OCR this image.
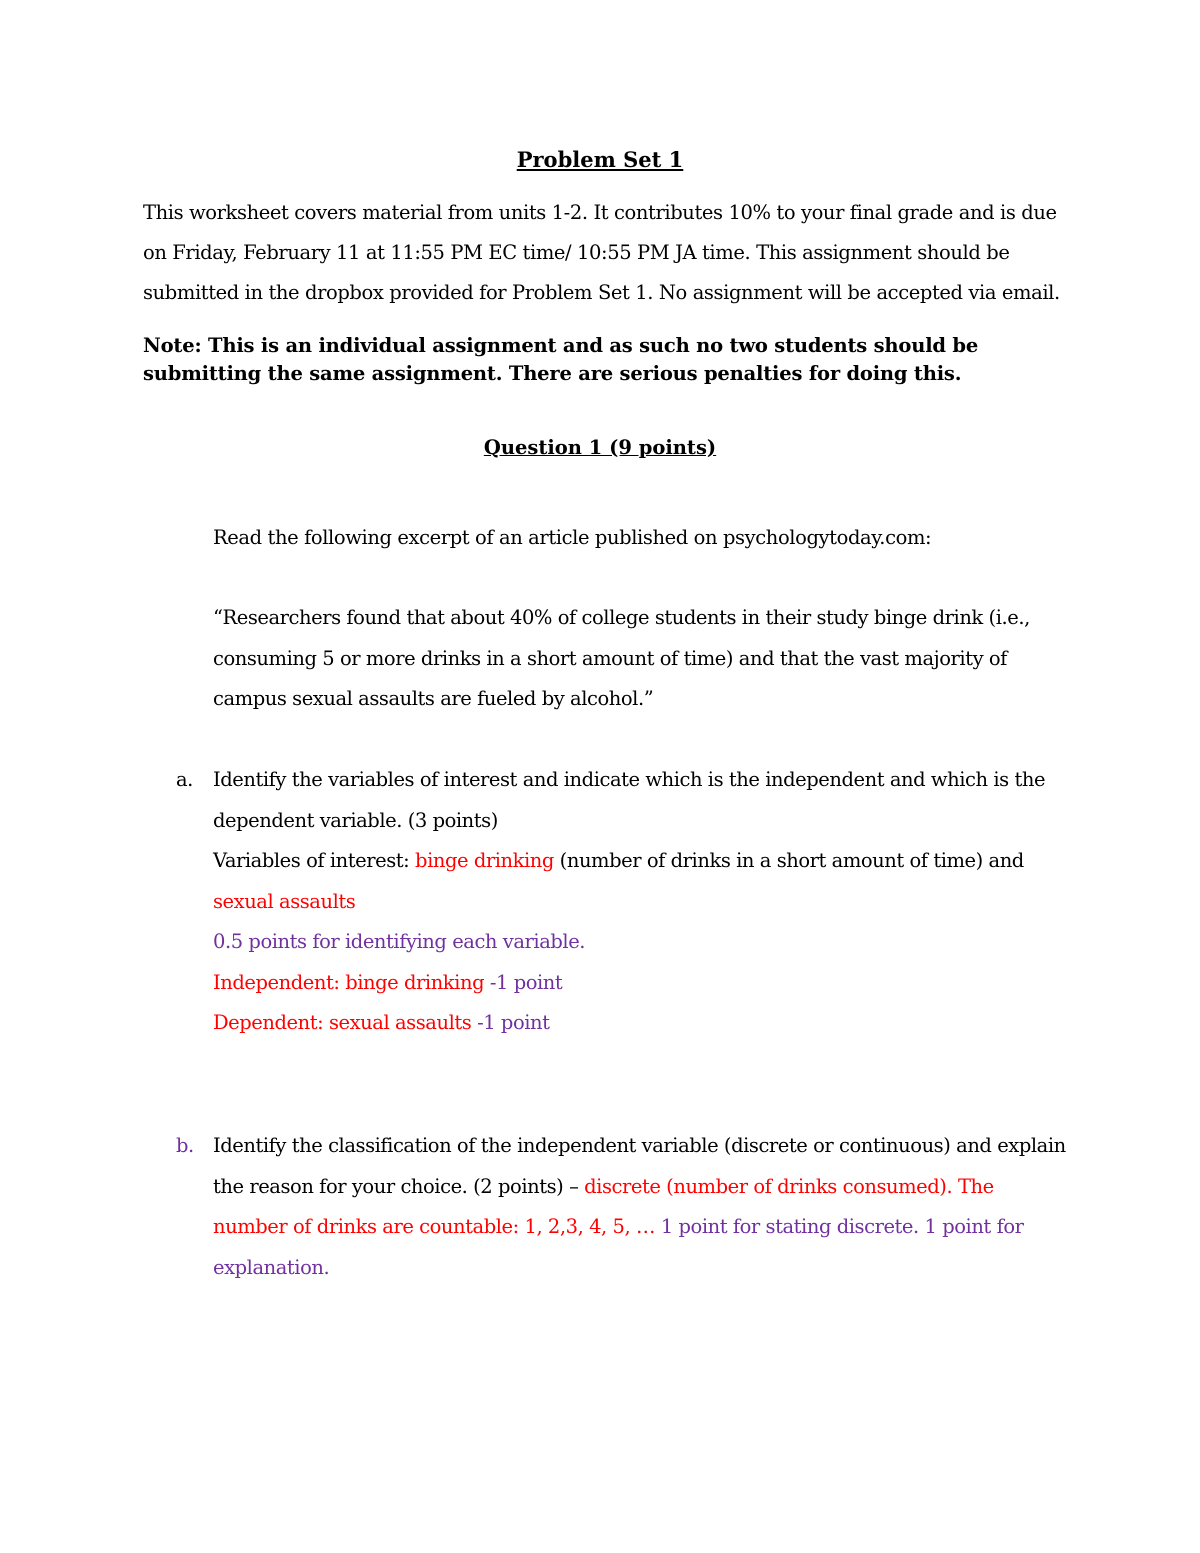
Problem Set 1

This worksheet covers material from units 1-2. It contributes 10% to your final grade and is due on Friday, February 11 at 11:55 PM EC time/ 10:55 PM JA time. This assignment should be submitted in the dropbox provided for Problem Set 1. No assignment will be accepted via email.

Note: This is an individual assignment and as such no two students should be submitting the same assignment. There are serious penalties for doing this.

Question 1 (9 points)

Read the following excerpt of an article published on psychologytoday.com:

“Researchers found that about 40% of college students in their study binge drink (i.e., consuming 5 or more drinks in a short amount of time) and that the vast majority of campus sexual assaults are fueled by alcohol.”

a.	Identify the variables of interest and indicate which is the independent and which is the dependent variable. (3 points)
Variables of interest: binge drinking (number of drinks in a short amount of time) and sexual assaults
0.5 points for identifying each variable.
Independent: binge drinking -1 point
Dependent: sexual assaults -1 point
b. Identify the classification of the independent variable (discrete or continuous) and explain the reason for your choice. (2 points) – discrete (number of drinks consumed). The number of drinks are countable: 1, 2,3, 4, 5, … 1 point for stating discrete. 1 point for explanation.
